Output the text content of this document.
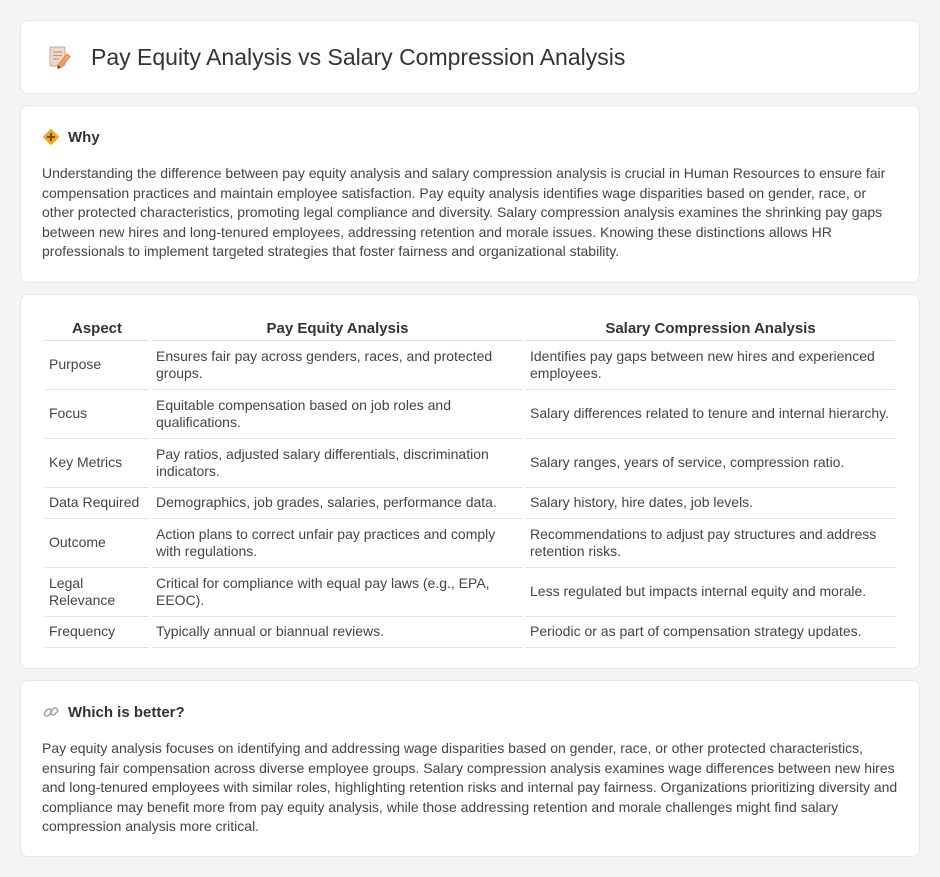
Pay Equity Analysis vs Salary Compression Analysis
Why

Understanding the difference between pay equity analysis and salary compression analysis is crucial in Human Resources to ensure fair compensation practices and maintain employee satisfaction. Pay equity analysis identifies wage disparities based on gender, race, or other protected characteristics, promoting legal compliance and diversity. Salary compression analysis examines the shrinking pay gaps between new hires and long-tenured employees, addressing retention and morale issues. Knowing these distinctions allows HR professionals to implement targeted strategies that foster fairness and organizational stability.

Aspect	Pay Equity Analysis	Salary Compression Analysis
Purpose	Ensures fair pay across genders, races, and protected groups.	Identifies pay gaps between new hires and experienced employees.
Focus	Equitable compensation based on job roles and qualifications.	Salary differences related to tenure and internal hierarchy.
Key Metrics	Pay ratios, adjusted salary differentials, discrimination indicators.	Salary ranges, years of service, compression ratio.
Data Required	Demographics, job grades, salaries, performance data.	Salary history, hire dates, job levels.
Outcome	Action plans to correct unfair pay practices and comply with regulations.	Recommendations to adjust pay structures and address retention risks.
Legal Relevance	Critical for compliance with equal pay laws (e.g., EPA, EEOC).	Less regulated but impacts internal equity and morale.
Frequency	Typically annual or biannual reviews.	Periodic or as part of compensation strategy updates.
Which is better?

Pay equity analysis focuses on identifying and addressing wage disparities based on gender, race, or other protected characteristics, ensuring fair compensation across diverse employee groups. Salary compression analysis examines wage differences between new hires and long-tenured employees with similar roles, highlighting retention risks and internal pay fairness. Organizations prioritizing diversity and compliance may benefit more from pay equity analysis, while those addressing retention and morale challenges might find salary compression analysis more critical.
